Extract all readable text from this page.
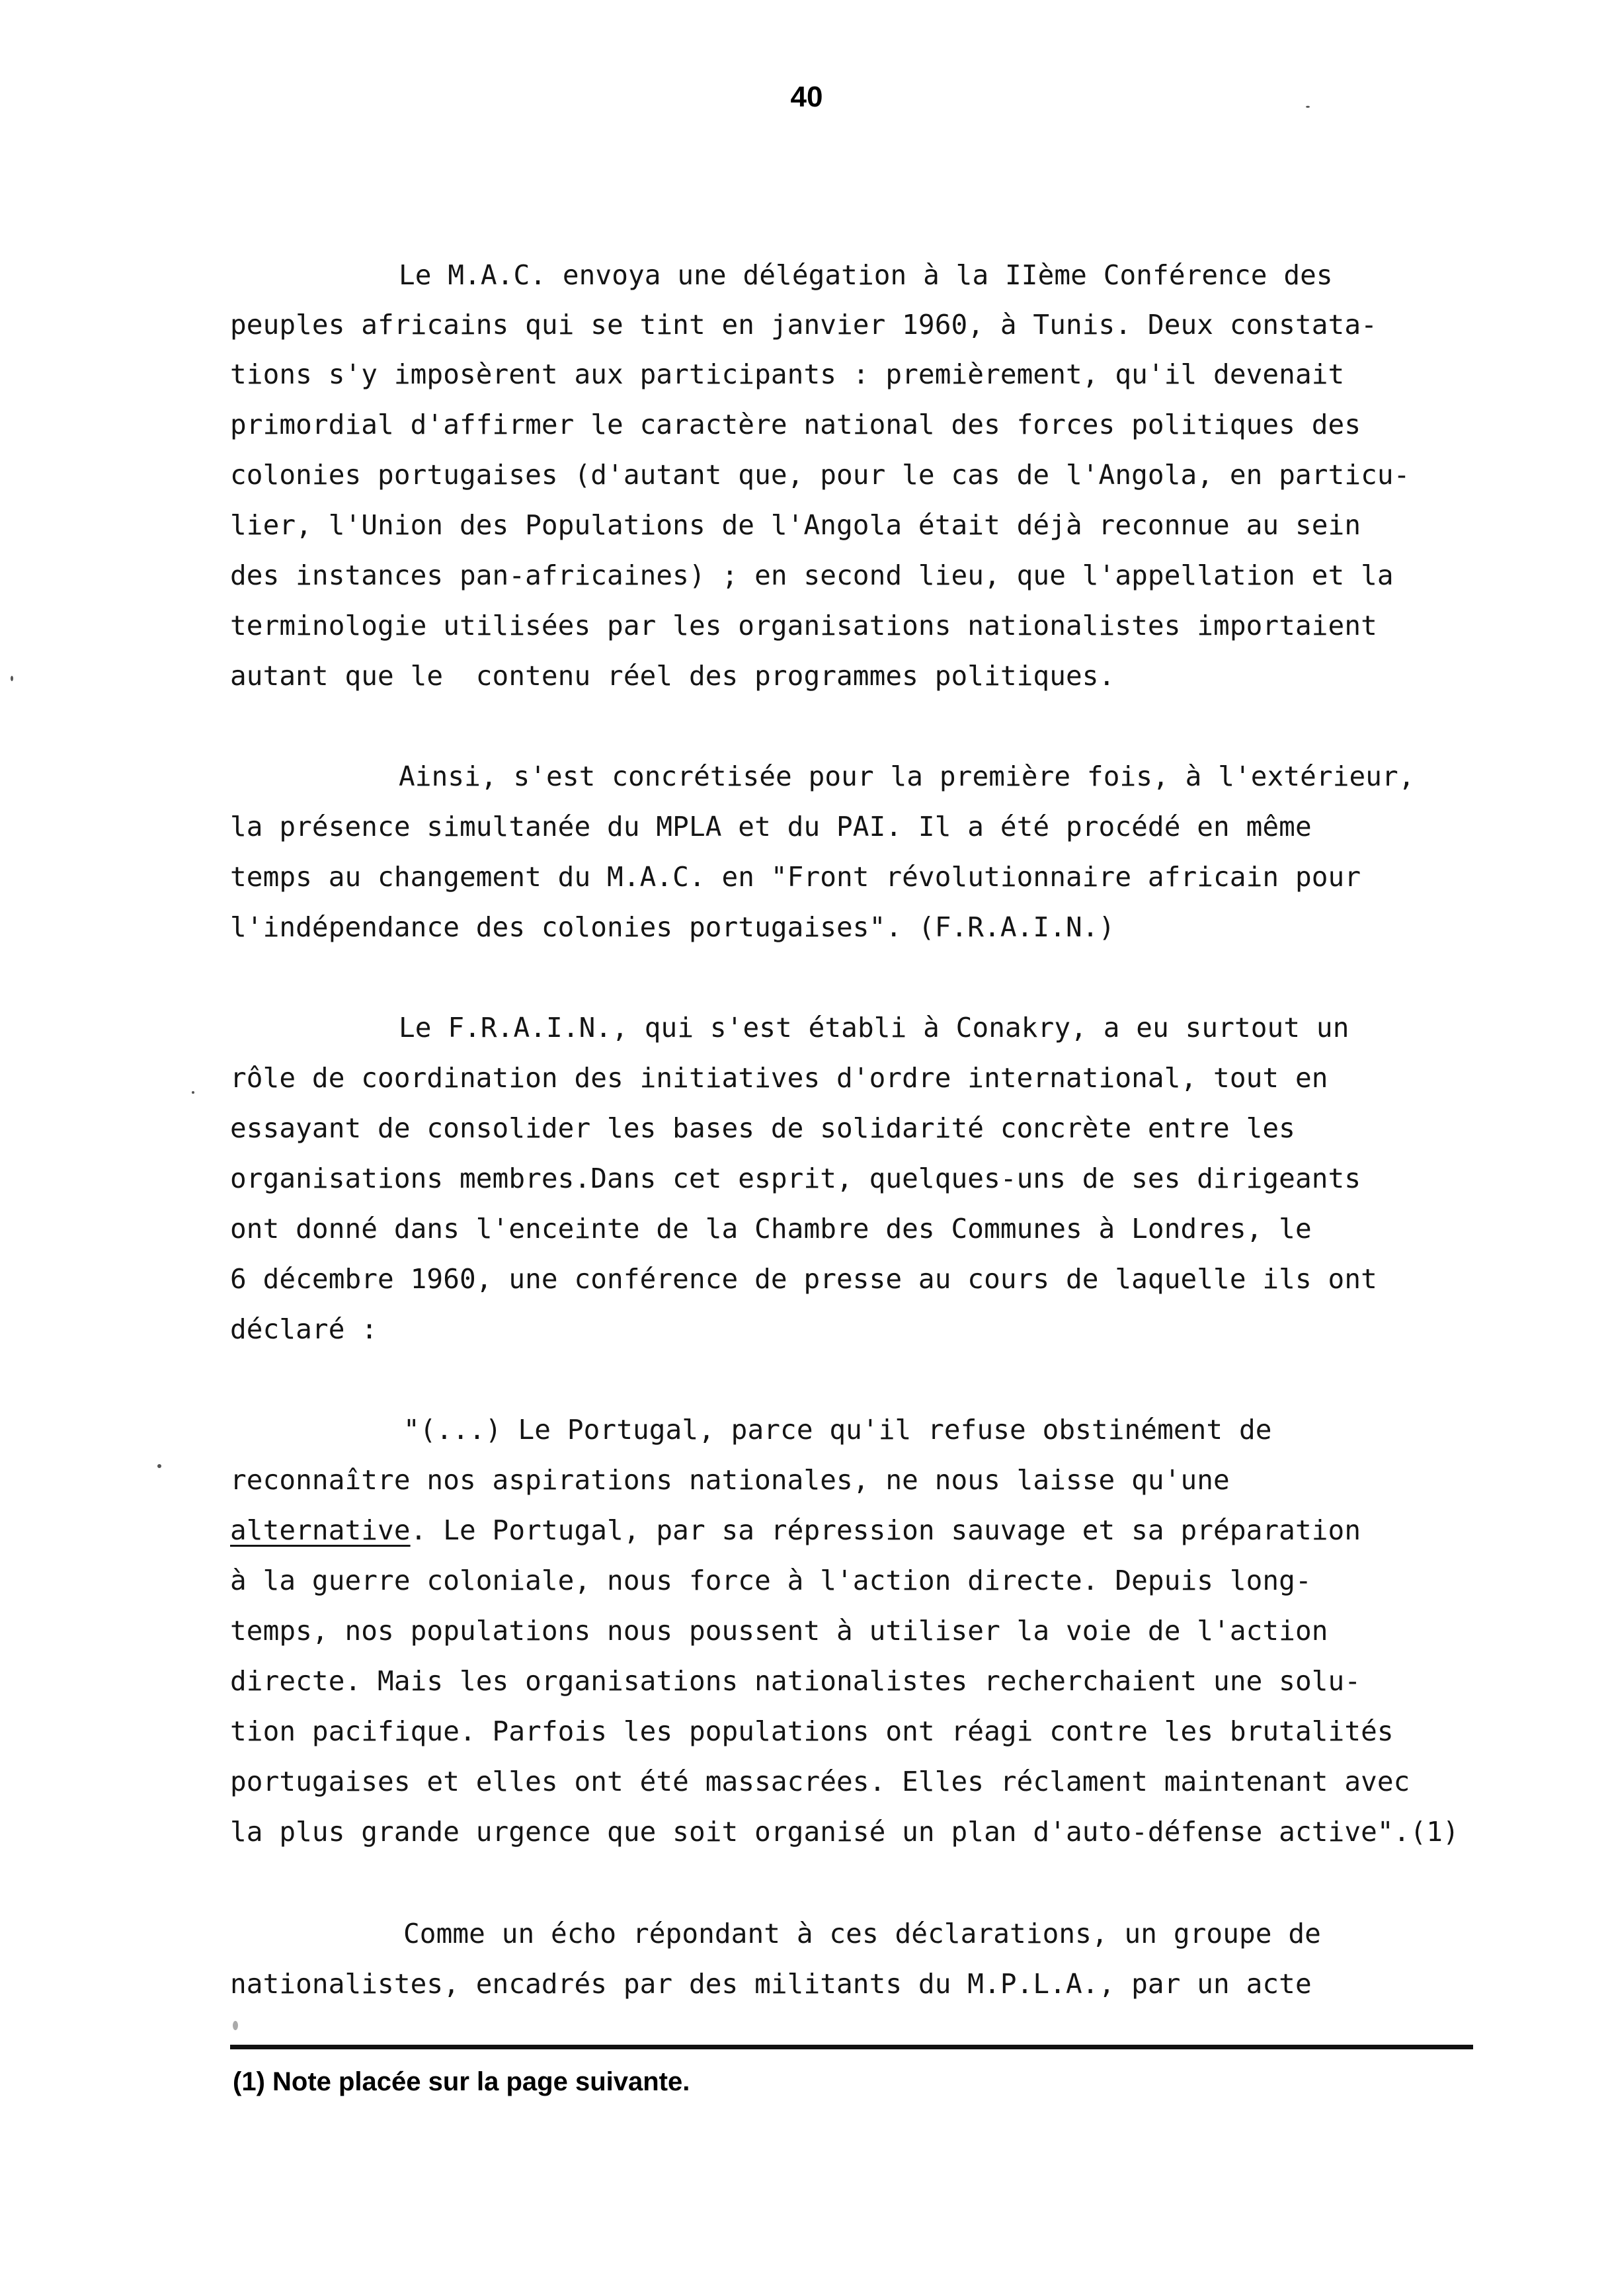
40
Le M.A.C. envoya une délégation à la IIème Conférence des
peuples africains qui se tint en janvier 1960, à Tunis. Deux constata-
tions s'y imposèrent aux participants : premièrement, qu'il devenait
primordial d'affirmer le caractère national des forces politiques des
colonies portugaises (d'autant que, pour le cas de l'Angola, en particu-
lier, l'Union des Populations de l'Angola était déjà reconnue au sein
des instances pan-africaines) ; en second lieu, que l'appellation et la
terminologie utilisées par les organisations nationalistes importaient
autant que le  contenu réel des programmes politiques.
Ainsi, s'est concrétisée pour la première fois, à l'extérieur,
la présence simultanée du MPLA et du PAI. Il a été procédé en même
temps au changement du M.A.C. en "Front révolutionnaire africain pour
l'indépendance des colonies portugaises". (F.R.A.I.N.)
Le F.R.A.I.N., qui s'est établi à Conakry, a eu surtout un
rôle de coordination des initiatives d'ordre international, tout en
essayant de consolider les bases de solidarité concrète entre les
organisations membres.Dans cet esprit, quelques-uns de ses dirigeants
ont donné dans l'enceinte de la Chambre des Communes à Londres, le
6 décembre 1960, une conférence de presse au cours de laquelle ils ont
déclaré :
"(...) Le Portugal, parce qu'il refuse obstinément de
reconnaître nos aspirations nationales, ne nous laisse qu'une
alternative. Le Portugal, par sa répression sauvage et sa préparation
à la guerre coloniale, nous force à l'action directe. Depuis long-
temps, nos populations nous poussent à utiliser la voie de l'action
directe. Mais les organisations nationalistes recherchaient une solu-
tion pacifique. Parfois les populations ont réagi contre les brutalités
portugaises et elles ont été massacrées. Elles réclament maintenant avec
la plus grande urgence que soit organisé un plan d'auto-défense active".(1)
Comme un écho répondant à ces déclarations, un groupe de
nationalistes, encadrés par des militants du M.P.L.A., par un acte
(1) Note placée sur la page suivante.
